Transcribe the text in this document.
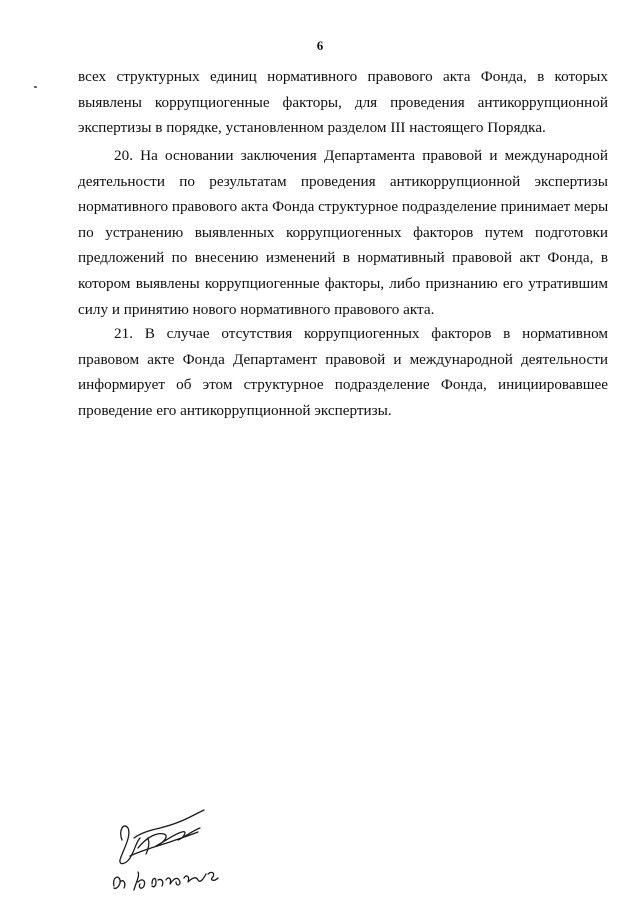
6
всех структурных единиц нормативного правового акта Фонда, в которых
выявлены коррупциогенные факторы, для проведения антикоррупционной
экспертизы в порядке, установленном разделом III настоящего Порядка.
20. На основании заключения Департамента правовой и международной
деятельности по результатам проведения антикоррупционной экспертизы
нормативного правового акта Фонда структурное подразделение принимает меры
по устранению выявленных коррупциогенных факторов путем подготовки
предложений по внесению изменений в нормативный правовой акт Фонда, в
котором выявлены коррупциогенные факторы, либо признанию его утратившим
силу и принятию нового нормативного правового акта.
21. В случае отсутствия коррупциогенных факторов в нормативном
правовом акте Фонда Департамент правовой и международной деятельности
информирует об этом структурное подразделение Фонда, инициировавшее
проведение его антикоррупционной экспертизы.
